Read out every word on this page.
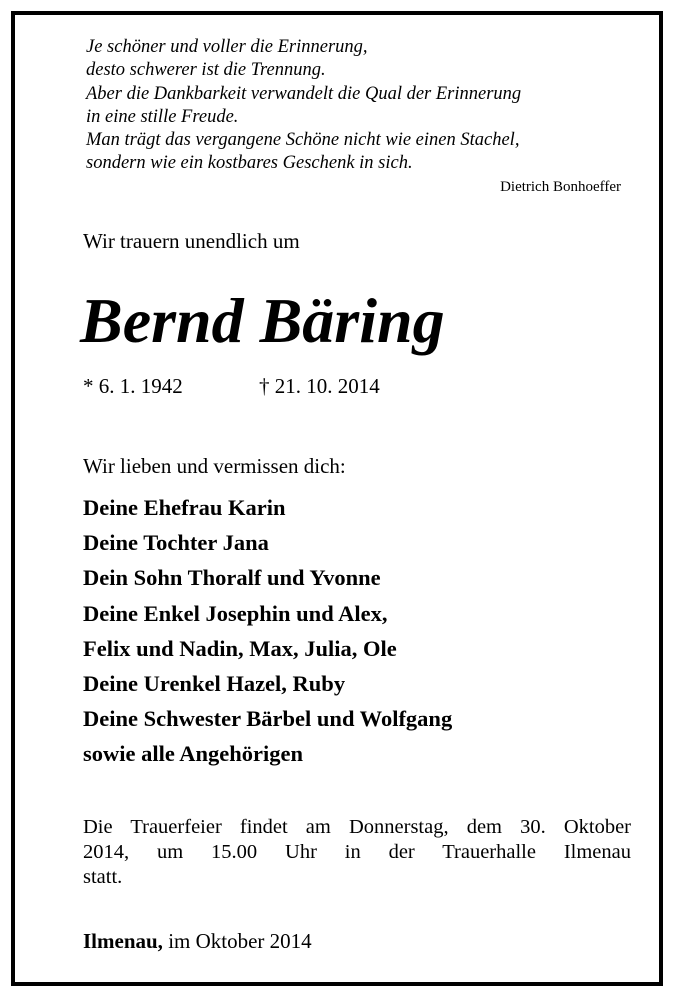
Je schöner und voller die Erinnerung,
desto schwerer ist die Trennung.
Aber die Dankbarkeit verwandelt die Qual der Erinnerung
in eine stille Freude.
Man trägt das vergangene Schöne nicht wie einen Stachel,
sondern wie ein kostbares Geschenk in sich.
Dietrich Bonhoeffer
Wir trauern unendlich um
Bernd Bäring
* 6. 1. 1942	† 21. 10. 2014
Wir lieben und vermissen dich:
Deine Ehefrau Karin
Deine Tochter Jana
Dein Sohn Thoralf und Yvonne
Deine Enkel Josephin und Alex,
Felix und Nadin, Max, Julia, Ole
Deine Urenkel Hazel, Ruby
Deine Schwester Bärbel und Wolfgang
sowie alle Angehörigen
Die Trauerfeier findet am Donnerstag, dem 30. Oktober
2014, um 15.00 Uhr in der Trauerhalle Ilmenau
statt.
Ilmenau, im Oktober 2014
